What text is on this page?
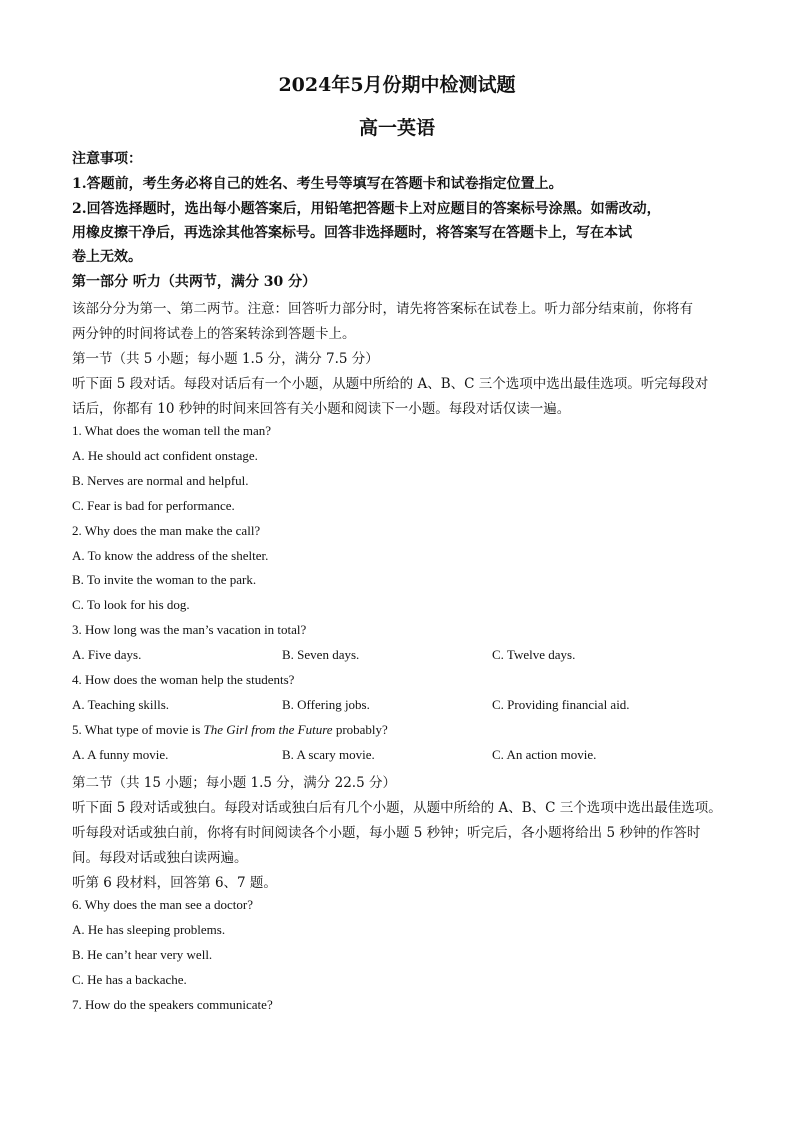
2024年5月份期中检测试题
高一英语
注意事项：
1.答题前，考生务必将自己的姓名、考生号等填写在答题卡和试卷指定位置上。
2.回答选择题时，选出每小题答案后，用铅笔把答题卡上对应题目的答案标号涂黑。如需改动，
用橡皮擦干净后，再选涂其他答案标号。回答非选择题时，将答案写在答题卡上，写在本试
卷上无效。
第一部分 听力（共两节，满分 30 分）
该部分分为第一、第二两节。注意：回答听力部分时，请先将答案标在试卷上。听力部分结束前，你将有
两分钟的时间将试卷上的答案转涂到答题卡上。
第一节（共 5 小题；每小题 1.5 分，满分 7.5 分）
听下面 5 段对话。每段对话后有一个小题，从题中所给的 A、B、C 三个选项中选出最佳选项。听完每段对
话后，你都有 10 秒钟的时间来回答有关小题和阅读下一小题。每段对话仅读一遍。
1. What does the woman tell the man?
A. He should act confident onstage.
B. Nerves are normal and helpful.
C. Fear is bad for performance.
2. Why does the man make the call?
A. To know the address of the shelter.
B. To invite the woman to the park.
C. To look for his dog.
3. How long was the man’s vacation in total?
A. Five days.	B. Seven days.	C. Twelve days.
4. How does the woman help the students?
A. Teaching skills.	B. Offering jobs.	C. Providing financial aid.
5. What type of movie is The Girl from the Future probably?
A. A funny movie.	B. A scary movie.	C. An action movie.
第二节（共 15 小题；每小题 1.5 分，满分 22.5 分）
听下面 5 段对话或独白。每段对话或独白后有几个小题，从题中所给的 A、B、C 三个选项中选出最佳选项。
听每段对话或独白前，你将有时间阅读各个小题，每小题 5 秒钟；听完后，各小题将给出 5 秒钟的作答时
间。每段对话或独白读两遍。
听第 6 段材料，回答第 6、7 题。
6. Why does the man see a doctor?
A. He has sleeping problems.
B. He can’t hear very well.
C. He has a backache.
7. How do the speakers communicate?
